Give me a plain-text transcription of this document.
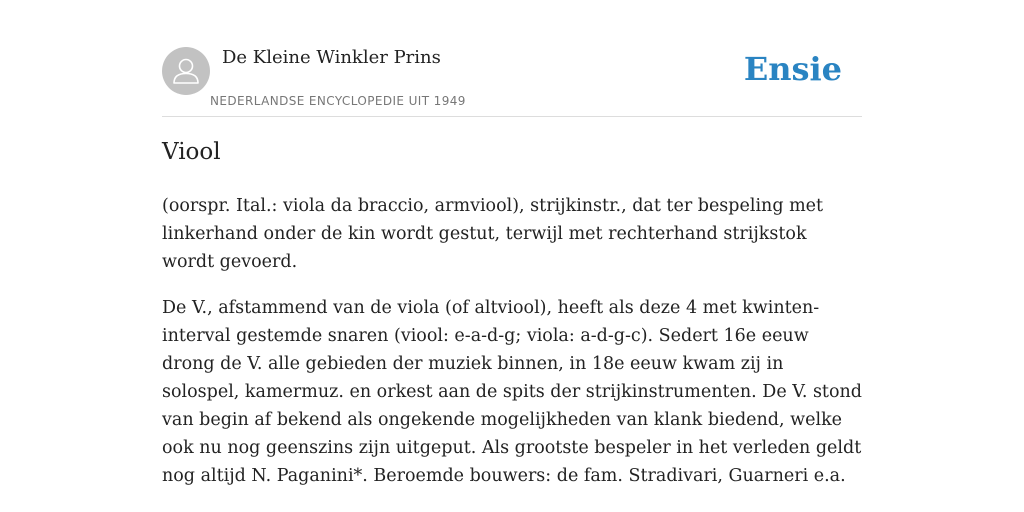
De Kleine Winkler Prins
NEDERLANDSE ENCYCLOPEDIE UIT 1949
Ensie
Viool

(oorspr. Ital.: viola da braccio, armviool), strijkinstr., dat ter bespeling met linkerhand onder de kin wordt gestut, terwijl met rechterhand strijkstok wordt gevoerd.

De V., afstammend van de viola (of altviool), heeft als deze 4 met kwinten-interval gestemde snaren (viool: e-a-d-g; viola: a-d-g-c). Sedert 16e eeuw drong de V. alle gebieden der muziek binnen, in 18e eeuw kwam zij in solospel, kamermuz. en orkest aan de spits der strijkinstrumenten. De V. stond van begin af bekend als ongekende mogelijkheden van klank biedend, welke ook nu nog geenszins zijn uitgeput. Als grootste bespeler in het verleden geldt nog altijd N. Paganini*. Beroemde bouwers: de fam. Stradivari, Guarneri e.a.
